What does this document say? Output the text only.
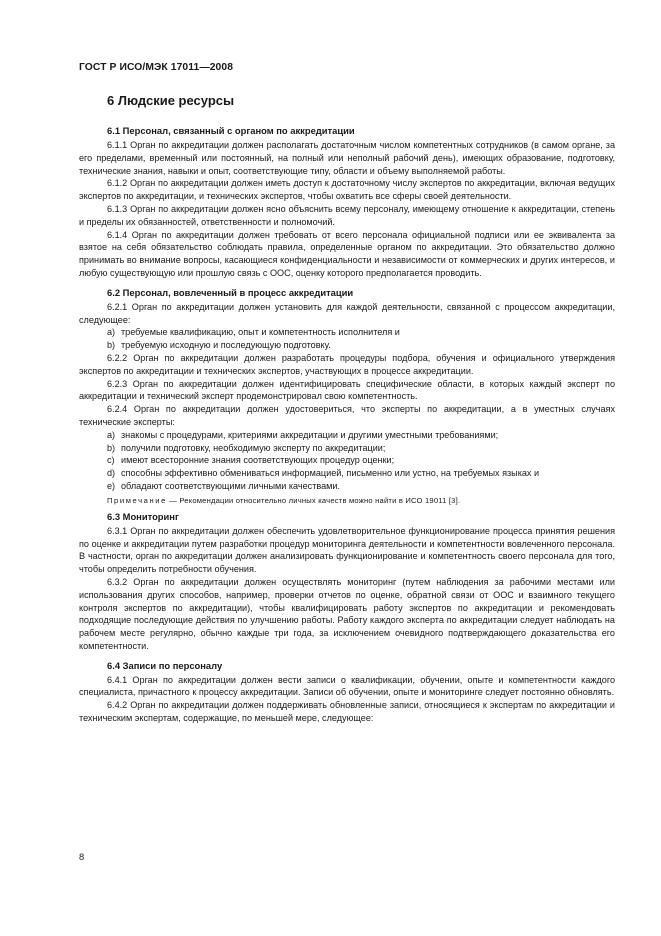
ГОСТ Р ИСО/МЭК 17011—2008
6 Людские ресурсы
6.1 Персонал, связанный с органом по аккредитации

6.1.1 Орган по аккредитации должен располагать достаточным числом компетентных сотрудников (в самом органе, за его пределами, временный или постоянный, на полный или неполный рабочий день), имеющих образование, подготовку, технические знания, навыки и опыт, соответствующие типу, области и объему выполняемой работы.

6.1.2 Орган по аккредитации должен иметь доступ к достаточному числу экспертов по аккредитации, включая ведущих экспертов по аккредитации, и технических экспертов, чтобы охватить все сферы своей деятельности.

6.1.3 Орган по аккредитации должен ясно объяснить всему персоналу, имеющему отношение к аккредитации, степень и пределы их обязанностей, ответственности и полномочий.

6.1.4 Орган по аккредитации должен требовать от всего персонала официальной подписи или ее эквивалента за взятое на себя обязательство соблюдать правила, определенные органом по аккредитации. Это обязательство должно принимать во внимание вопросы, касающиеся конфиденциальности и независимости от коммерческих и других интересов, и любую существующую или прошлую связь с ООС, оценку которого предполагается проводить.

6.2 Персонал, вовлеченный в процесс аккредитации

6.2.1 Орган по аккредитации должен установить для каждой деятельности, связанной с процессом аккредитации, следующее:

а) требуемые квалификацию, опыт и компетентность исполнителя и
b) требуемую исходную и последующую подготовку.

6.2.2 Орган по аккредитации должен разработать процедуры подбора, обучения и официального утверждения экспертов по аккредитации и технических экспертов, участвующих в процессе аккредитации.

6.2.3 Орган по аккредитации должен идентифицировать специфические области, в которых каждый эксперт по аккредитации и технический эксперт продемонстрировал свою компетентность.

6.2.4 Орган по аккредитации должен удостовериться, что эксперты по аккредитации, а в уместных случаях технические эксперты:

а) знакомы с процедурами, критериями аккредитации и другими уместными требованиями;
b) получили подготовку, необходимую эксперту по аккредитации;
с) имеют всесторонние знания соответствующих процедур оценки;
d) способны эффективно обмениваться информацией, письменно или устно, на требуемых языках и
е) обладают соответствующими личными качествами.

Примечание — Рекомендации относительно личных качеств можно найти в ИСО 19011 [3].

6.3 Мониторинг

6.3.1 Орган по аккредитации должен обеспечить удовлетворительное функционирование процесса принятия решения по оценке и аккредитации путем разработки процедур мониторинга деятельности и компетентности вовлеченного персонала. В частности, орган по аккредитации должен анализировать функционирование и компетентность своего персонала для того, чтобы определить потребности обучения.

6.3.2 Орган по аккредитации должен осуществлять мониторинг (путем наблюдения за рабочими местами или использования других способов, например, проверки отчетов по оценке, обратной связи от ООС и взаимного текущего контроля экспертов по аккредитации), чтобы квалифицировать работу экспертов по аккредитации и рекомендовать подходящие последующие действия по улучшению работы. Работу каждого эксперта по аккредитации следует наблюдать на рабочем месте регулярно, обычно каждые три года, за исключением очевидного подтверждающего доказательства его компетентности.

6.4 Записи по персоналу

6.4.1 Орган по аккредитации должен вести записи о квалификации, обучении, опыте и компетентности каждого специалиста, причастного к процессу аккредитации. Записи об обучении, опыте и мониторинге следует постоянно обновлять.

6.4.2 Орган по аккредитации должен поддерживать обновленные записи, относящиеся к экспертам по аккредитации и техническим экспертам, содержащие, по меньшей мере, следующее:

8
